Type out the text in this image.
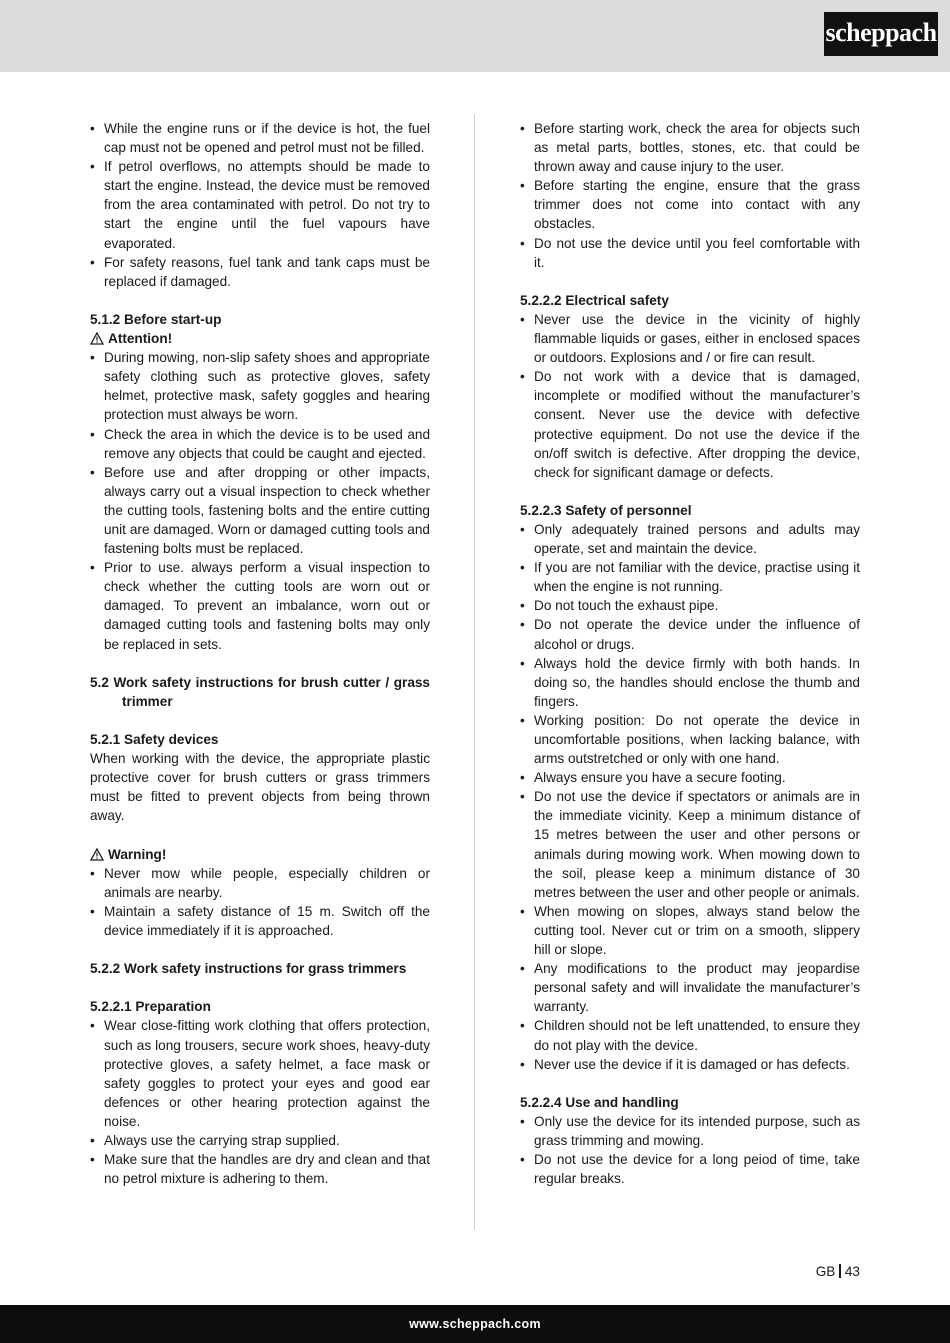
scheppach
• While the engine runs or if the device is hot, the fuel cap must not be opened and petrol must not be filled.
• If petrol overflows, no attempts should be made to start the engine. Instead, the device must be removed from the area contaminated with petrol. Do not try to start the engine until the fuel vapours have evaporated.
• For safety reasons, fuel tank and tank caps must be replaced if damaged.

5.1.2 Before start-up

Attention!

• During mowing, non-slip safety shoes and appropriate safety clothing such as protective gloves, safety helmet, protective mask, safety goggles and hearing protection must always be worn.
• Check the area in which the device is to be used and remove any objects that could be caught and ejected.
• Before use and after dropping or other impacts, always carry out a visual inspection to check whether the cutting tools, fastening bolts and the entire cutting unit are damaged. Worn or damaged cutting tools and fastening bolts must be replaced.
• Prior to use. always perform a visual inspection to check whether the cutting tools are worn out or damaged. To prevent an imbalance, worn out or damaged cutting tools and fastening bolts may only be replaced in sets.

5.2 Work safety instructions for brush cutter / grass trimmer

5.2.1 Safety devices

When working with the device, the appropriate plastic protective cover for brush cutters or grass trimmers must be fitted to prevent objects from being thrown away.

Warning!

• Never mow while people, especially children or animals are nearby.
• Maintain a safety distance of 15 m. Switch off the device immediately if it is approached.

5.2.2 Work safety instructions for grass trimmers

5.2.2.1 Preparation

• Wear close-fitting work clothing that offers protection, such as long trousers, secure work shoes, heavy-duty protective gloves, a safety helmet, a face mask or safety goggles to protect your eyes and good ear defences or other hearing protection against the noise.
• Always use the carrying strap supplied.
• Make sure that the handles are dry and clean and that no petrol mixture is adhering to them.
• Before starting work, check the area for objects such as metal parts, bottles, stones, etc. that could be thrown away and cause injury to the user.
• Before starting the engine, ensure that the grass trimmer does not come into contact with any obstacles.
• Do not use the device until you feel comfortable with it.

5.2.2.2 Electrical safety

• Never use the device in the vicinity of highly flammable liquids or gases, either in enclosed spaces or outdoors. Explosions and / or fire can result.
• Do not work with a device that is damaged, incomplete or modified without the manufacturer’s consent. Never use the device with defective protective equipment. Do not use the device if the on/off switch is defective. After dropping the device, check for significant damage or defects.

5.2.2.3 Safety of personnel

• Only adequately trained persons and adults may operate, set and maintain the device.
• If you are not familiar with the device, practise using it when the engine is not running.
• Do not touch the exhaust pipe.
• Do not operate the device under the influence of alcohol or drugs.
• Always hold the device firmly with both hands. In doing so, the handles should enclose the thumb and fingers.
• Working position: Do not operate the device in uncomfortable positions, when lacking balance, with arms outstretched or only with one hand.
• Always ensure you have a secure footing.
• Do not use the device if spectators or animals are in the immediate vicinity. Keep a minimum distance of 15 metres between the user and other persons or animals during mowing work. When mowing down to the soil, please keep a minimum distance of 30 metres between the user and other people or animals.
• When mowing on slopes, always stand below the cutting tool. Never cut or trim on a smooth, slippery hill or slope.
• Any modifications to the product may jeopardise personal safety and will invalidate the manufacturer’s warranty.
• Children should not be left unattended, to ensure they do not play with the device.
• Never use the device if it is damaged or has defects.

5.2.2.4 Use and handling

• Only use the device for its intended purpose, such as grass trimming and mowing.
• Do not use the device for a long peiod of time, take regular breaks.
GB 43
www.scheppach.com
